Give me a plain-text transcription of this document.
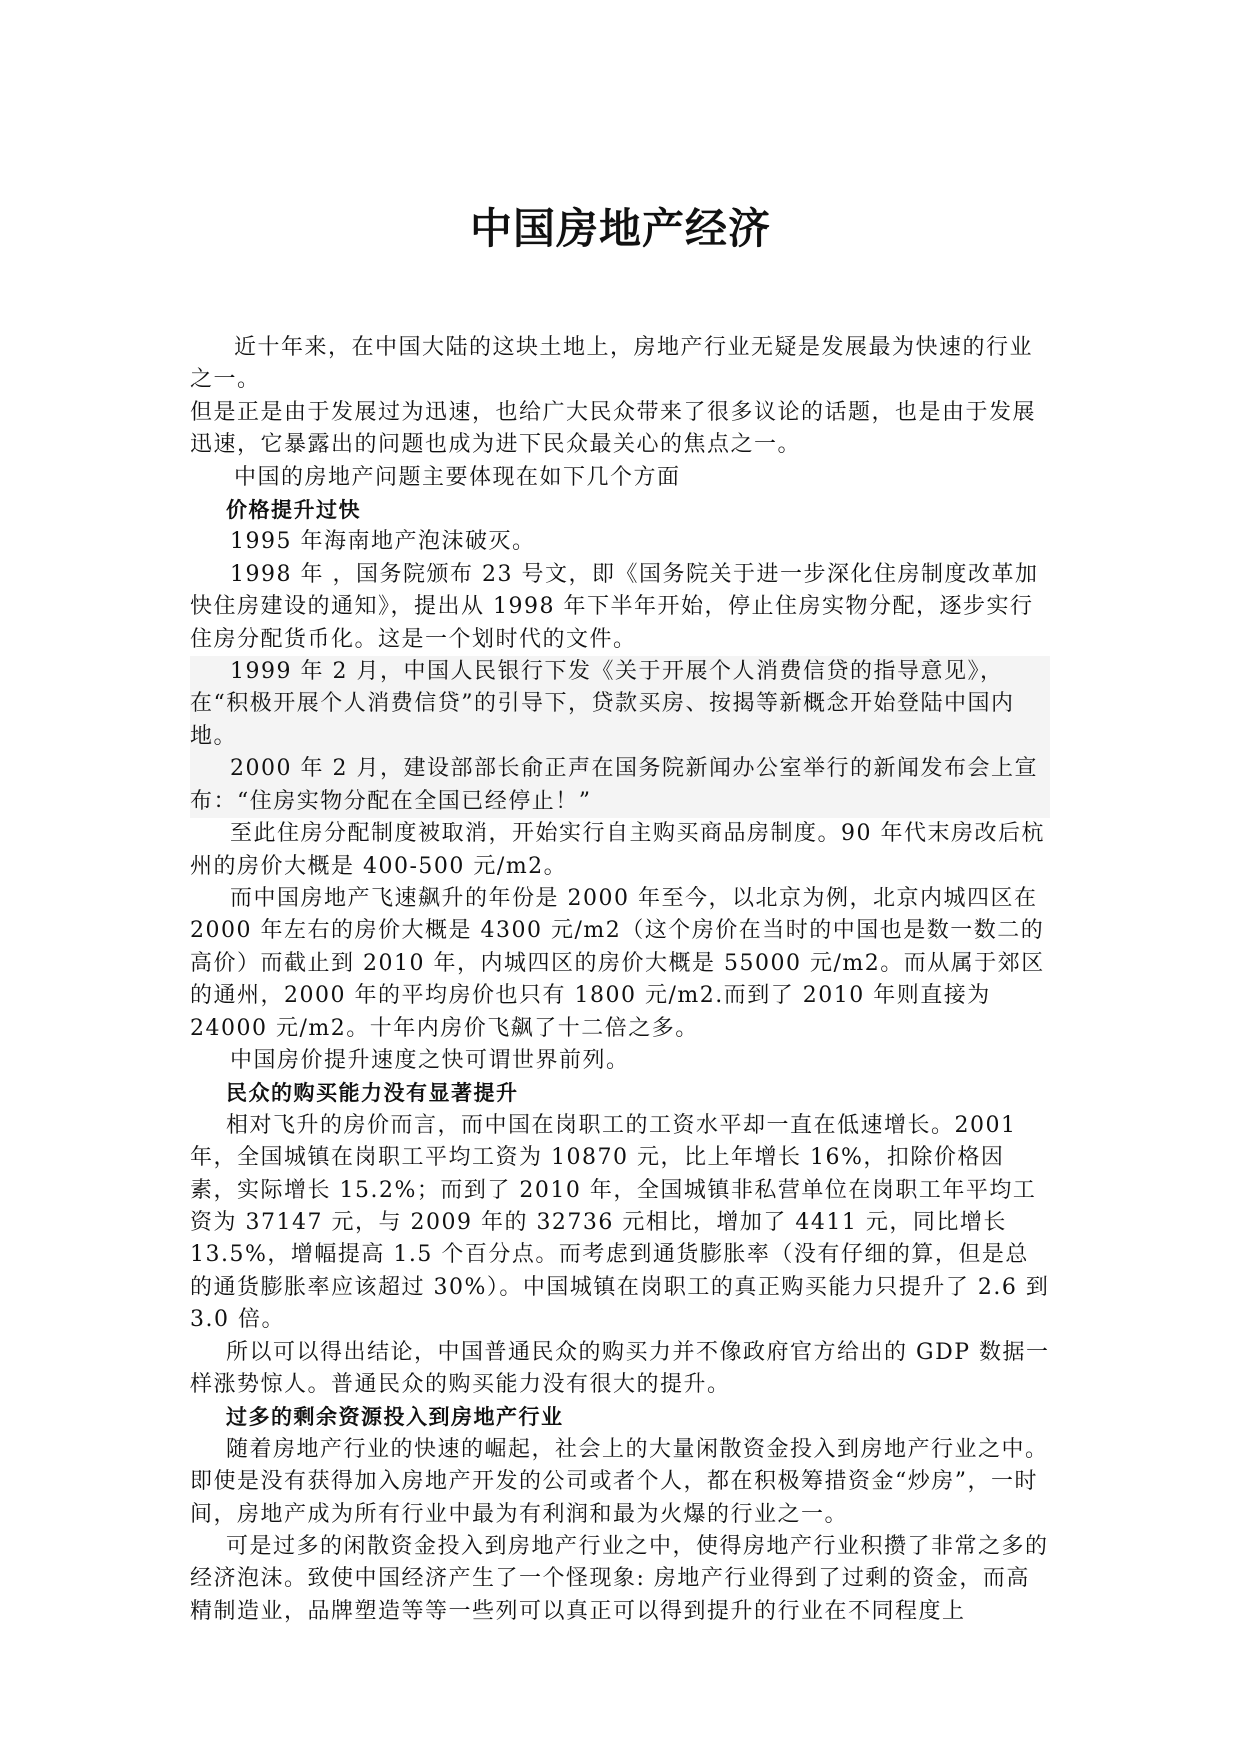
中国房地产经济

近十年来，在中国大陆的这块土地上，房地产行业无疑是发展最为快速的行业之一。

但是正是由于发展过为迅速，也给广大民众带来了很多议论的话题，也是由于发展迅速，它暴露出的问题也成为进下民众最关心的焦点之一。

中国的房地产问题主要体现在如下几个方面

价格提升过快

1995 年海南地产泡沫破灭。

1998 年 ，国务院颁布 23 号文，即《国务院关于进一步深化住房制度改革加快住房建设的通知》，提出从 1998 年下半年开始，停止住房实物分配，逐步实行住房分配货币化。这是一个划时代的文件。

1999 年 2 月，中国人民银行下发《关于开展个人消费信贷的指导意见》，在“积极开展个人消费信贷”的引导下，贷款买房、按揭等新概念开始登陆中国内地。

2000 年 2 月，建设部部长俞正声在国务院新闻办公室举行的新闻发布会上宣布：“住房实物分配在全国已经停止！”

至此住房分配制度被取消，开始实行自主购买商品房制度。90 年代末房改后杭州的房价大概是 400-500 元/m2。

而中国房地产飞速飙升的年份是 2000 年至今，以北京为例，北京内城四区在 2000 年左右的房价大概是 4300 元/m2（这个房价在当时的中国也是数一数二的高价）而截止到 2010 年，内城四区的房价大概是 55000 元/m2。而从属于郊区的通州，2000 年的平均房价也只有 1800 元/m2.而到了 2010 年则直接为 24000 元/m2。十年内房价飞飙了十二倍之多。

中国房价提升速度之快可谓世界前列。

民众的购买能力没有显著提升

相对飞升的房价而言，而中国在岗职工的工资水平却一直在低速增长。2001 年，全国城镇在岗职工平均工资为 10870 元，比上年增长 16%，扣除价格因素，实际增长 15.2%；而到了 2010 年，全国城镇非私营单位在岗职工年平均工资为 37147 元，与 2009 年的 32736 元相比，增加了 4411 元，同比增长 13.5%，增幅提高 1.5 个百分点。而考虑到通货膨胀率（没有仔细的算，但是总的通货膨胀率应该超过 30%）。中国城镇在岗职工的真正购买能力只提升了 2.6 到 3.0 倍。

所以可以得出结论，中国普通民众的购买力并不像政府官方给出的 GDP 数据一样涨势惊人。普通民众的购买能力没有很大的提升。

过多的剩余资源投入到房地产行业

随着房地产行业的快速的崛起，社会上的大量闲散资金投入到房地产行业之中。即使是没有获得加入房地产开发的公司或者个人，都在积极筹措资金“炒房”，一时间，房地产成为所有行业中最为有利润和最为火爆的行业之一。

可是过多的闲散资金投入到房地产行业之中，使得房地产行业积攒了非常之多的经济泡沫。致使中国经济产生了一个怪现象: 房地产行业得到了过剩的资金，而高精制造业，品牌塑造等等一些列可以真正可以得到提升的行业在不同程度上
